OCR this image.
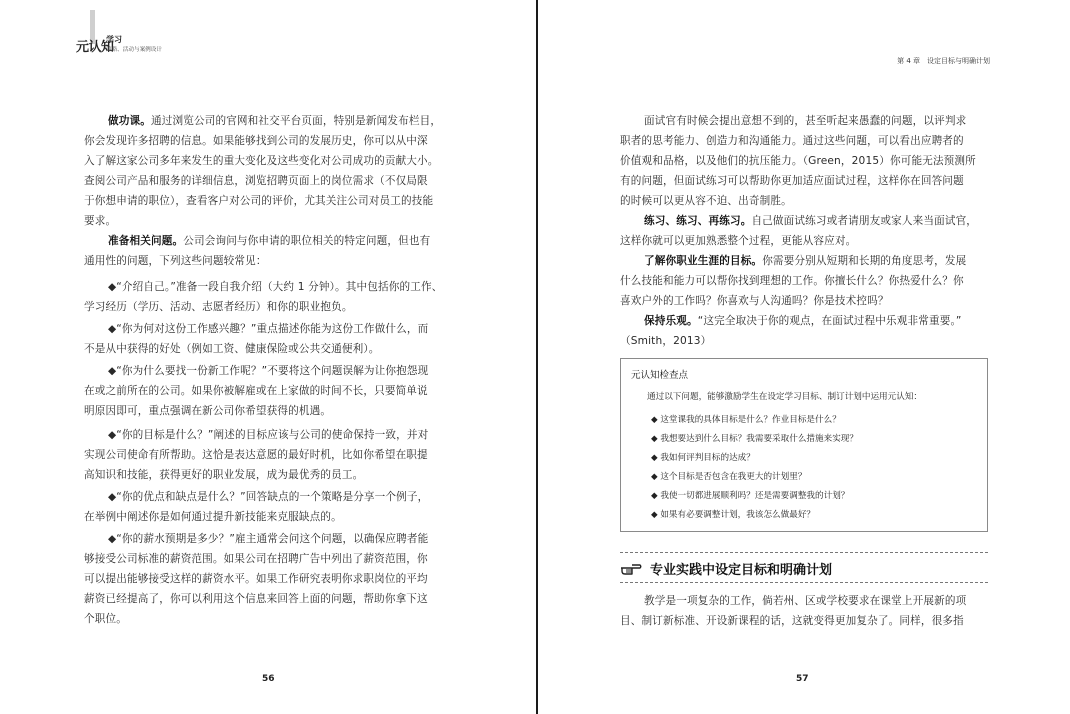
元认知
学习
策略、活动与案例设计
做功课。通过浏览公司的官网和社交平台页面，特别是新闻发布栏目，
你会发现许多招聘的信息。如果能够找到公司的发展历史，你可以从中深
入了解这家公司多年来发生的重大变化及这些变化对公司成功的贡献大小。
查阅公司产品和服务的详细信息，浏览招聘页面上的岗位需求（不仅局限
于你想申请的职位），查看客户对公司的评价，尤其关注公司对员工的技能
要求。
准备相关问题。公司会询问与你申请的职位相关的特定问题，但也有
通用性的问题，下列这些问题较常见：
◆“介绍自己。”准备一段自我介绍（大约 1 分钟）。其中包括你的工作、
学习经历（学历、活动、志愿者经历）和你的职业抱负。
◆“你为何对这份工作感兴趣？”重点描述你能为这份工作做什么，而
不是从中获得的好处（例如工资、健康保险或公共交通便利）。
◆“你为什么要找一份新工作呢？”不要将这个问题误解为让你抱怨现
在或之前所在的公司。如果你被解雇或在上家做的时间不长，只要简单说
明原因即可，重点强调在新公司你希望获得的机遇。
◆“你的目标是什么？”阐述的目标应该与公司的使命保持一致，并对
实现公司使命有所帮助。这恰是表达意愿的最好时机，比如你希望在职提
高知识和技能，获得更好的职业发展，成为最优秀的员工。
◆“你的优点和缺点是什么？”回答缺点的一个策略是分享一个例子，
在举例中阐述你是如何通过提升新技能来克服缺点的。
◆“你的薪水预期是多少？”雇主通常会问这个问题，以确保应聘者能
够接受公司标准的薪资范围。如果公司在招聘广告中列出了薪资范围，你
可以提出能够接受这样的薪资水平。如果工作研究表明你求职岗位的平均
薪资已经提高了，你可以利用这个信息来回答上面的问题，帮助你拿下这
个职位。
56
第 4 章　设定目标与明确计划
面试官有时候会提出意想不到的，甚至听起来愚蠢的问题，以评判求
职者的思考能力、创造力和沟通能力。通过这些问题，可以看出应聘者的
价值观和品格，以及他们的抗压能力。（Green，2015）你可能无法预测所
有的问题，但面试练习可以帮助你更加适应面试过程，这样你在回答问题
的时候可以更从容不迫、出奇制胜。
练习、练习、再练习。自己做面试练习或者请朋友或家人来当面试官，
这样你就可以更加熟悉整个过程，更能从容应对。
了解你职业生涯的目标。你需要分别从短期和长期的角度思考，发展
什么技能和能力可以帮你找到理想的工作。你擅长什么？你热爱什么？你
喜欢户外的工作吗？你喜欢与人沟通吗？你是技术控吗？
保持乐观。“这完全取决于你的观点，在面试过程中乐观非常重要。”
（Smith，2013）
元认知检查点
通过以下问题，能够激励学生在设定学习目标、制订计划中运用元认知：
◆ 这堂课我的具体目标是什么？作业目标是什么？
◆ 我想要达到什么目标？我需要采取什么措施来实现？
◆ 我如何评判目标的达成？
◆ 这个目标是否包含在我更大的计划里？
◆ 我使一切都进展顺利吗？还是需要调整我的计划？
◆ 如果有必要调整计划，我该怎么做最好？
专业实践中设定目标和明确计划
教学是一项复杂的工作，倘若州、区或学校要求在课堂上开展新的项
目、制订新标准、开设新课程的话，这就变得更加复杂了。同样，很多指
57
